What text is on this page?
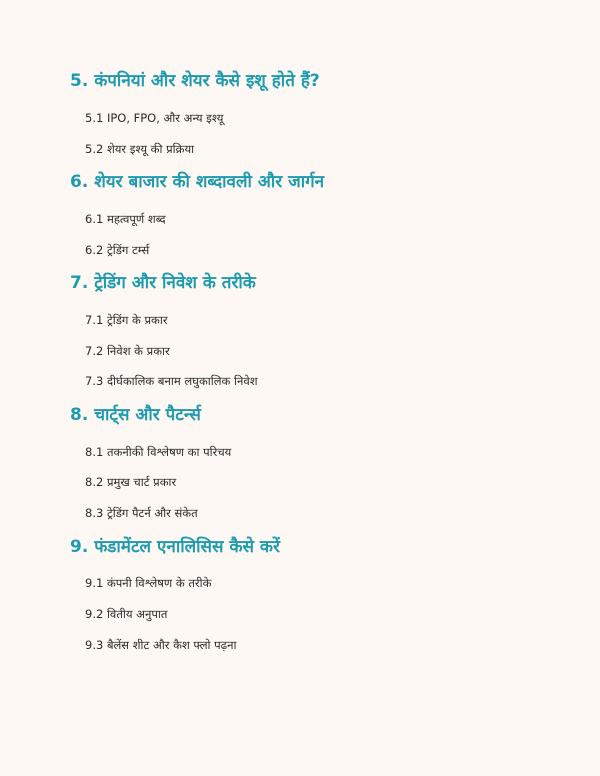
5. कंपनियां और शेयर कैसे इशू होते हैं?
5.1 IPO, FPO, और अन्य इश्यू
5.2 शेयर इश्यू की प्रक्रिया
6. शेयर बाजार की शब्दावली और जार्गन
6.1 महत्वपूर्ण शब्द
6.2 ट्रेडिंग टर्म्स
7. ट्रेडिंग और निवेश के तरीके
7.1 ट्रेडिंग के प्रकार
7.2 निवेश के प्रकार
7.3 दीर्घकालिक बनाम लघुकालिक निवेश
8. चार्ट्स और पैटर्न्स
8.1 तकनीकी विश्लेषण का परिचय
8.2 प्रमुख चार्ट प्रकार
8.3 ट्रेडिंग पैटर्न और संकेत
9. फंडामेंटल एनालिसिस कैसे करें
9.1 कंपनी विश्लेषण के तरीके
9.2 वितीय अनुपात
9.3 बैलेंस शीट और कैश फ्लो पढ़ना
